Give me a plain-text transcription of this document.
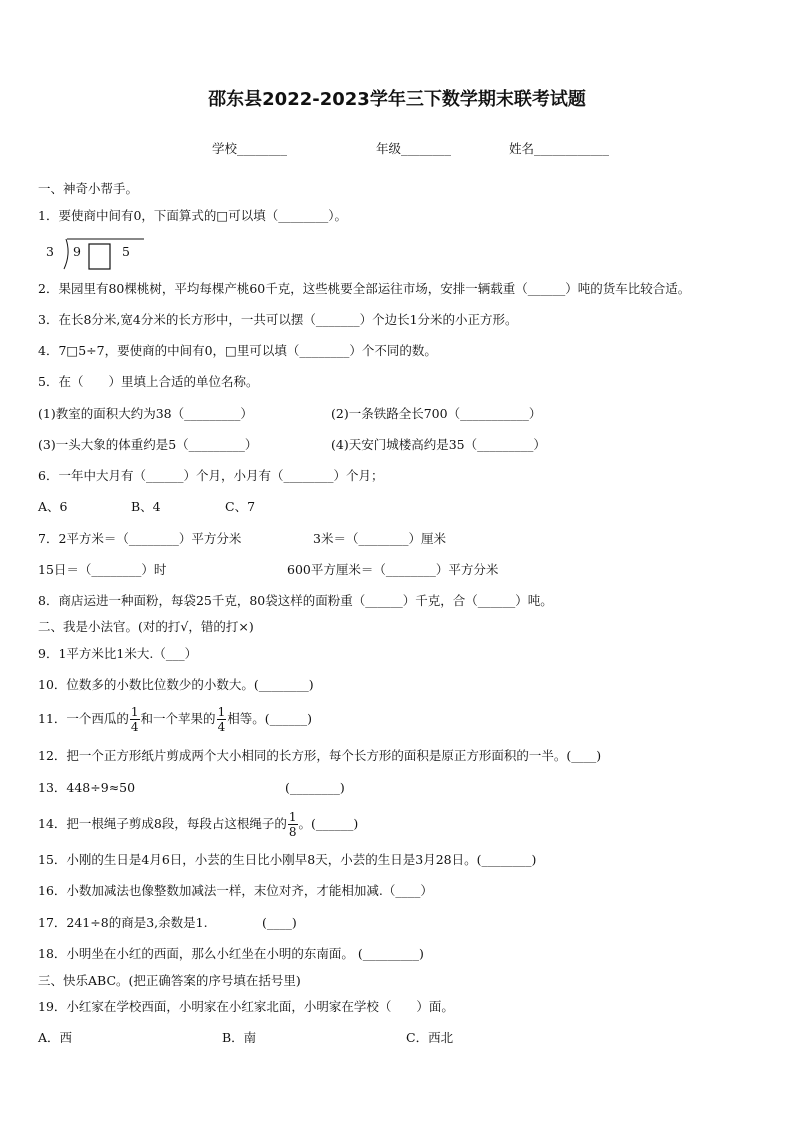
邵东县2022-2023学年三下数学期末联考试题
学校________	年级________	姓名____________
一、神奇小帮手。
1．要使商中间有0，下面算式的□可以填（________）。
3 9	5
2．果园里有80棵桃树，平均每棵产桃60千克，这些桃要全部运往市场，安排一辆载重（______）吨的货车比较合适。
3．在长8分米,宽4分米的长方形中，一共可以摆（_______）个边长1分米的小正方形。
4．7□5÷7，要使商的中间有0，□里可以填（________）个不同的数。
5．在（　　）里填上合适的单位名称。
(1)教室的面积大约为38（_________）	(2)一条铁路全长700（___________）
(3)一头大象的体重约是5（_________）	(4)天安门城楼高约是35（_________）
6．一年中大月有（______）个月，小月有（________）个月；
A、6	B、4	C、7
7．2平方米＝（________）平方分米	3米＝（________）厘米
15日＝（________）时	600平方厘米＝（________）平方分米
8．商店运进一种面粉，每袋25千克，80袋这样的面粉重（______）千克，合（______）吨。
二、我是小法官。(对的打√，错的打×)
9．1平方米比1米大.（___）
10．位数多的小数比位数少的小数大。(________)
11．一个西瓜的 $\frac{1}{4}$ 和一个苹果的 $\frac{1}{4}$ 相等。(______)
12．把一个正方形纸片剪成两个大小相同的长方形，每个长方形的面积是原正方形面积的一半。(____)
13．448÷9≈50	(________)
14．把一根绳子剪成8段，每段占这根绳子的 $\frac{1}{8}$ 。(______)
15．小刚的生日是4月6日，小芸的生日比小刚早8天，小芸的生日是3月28日。(________)
16．小数加减法也像整数加减法一样，末位对齐，才能相加减.（____）
17．241÷8的商是3,余数是1.	(____)
18．小明坐在小红的西面，那么小红坐在小明的东南面。 (_________)
三、快乐ABC。(把正确答案的序号填在括号里)
19．小红家在学校西面，小明家在小红家北面，小明家在学校（　　）面。
A．西	B．南	C．西北
